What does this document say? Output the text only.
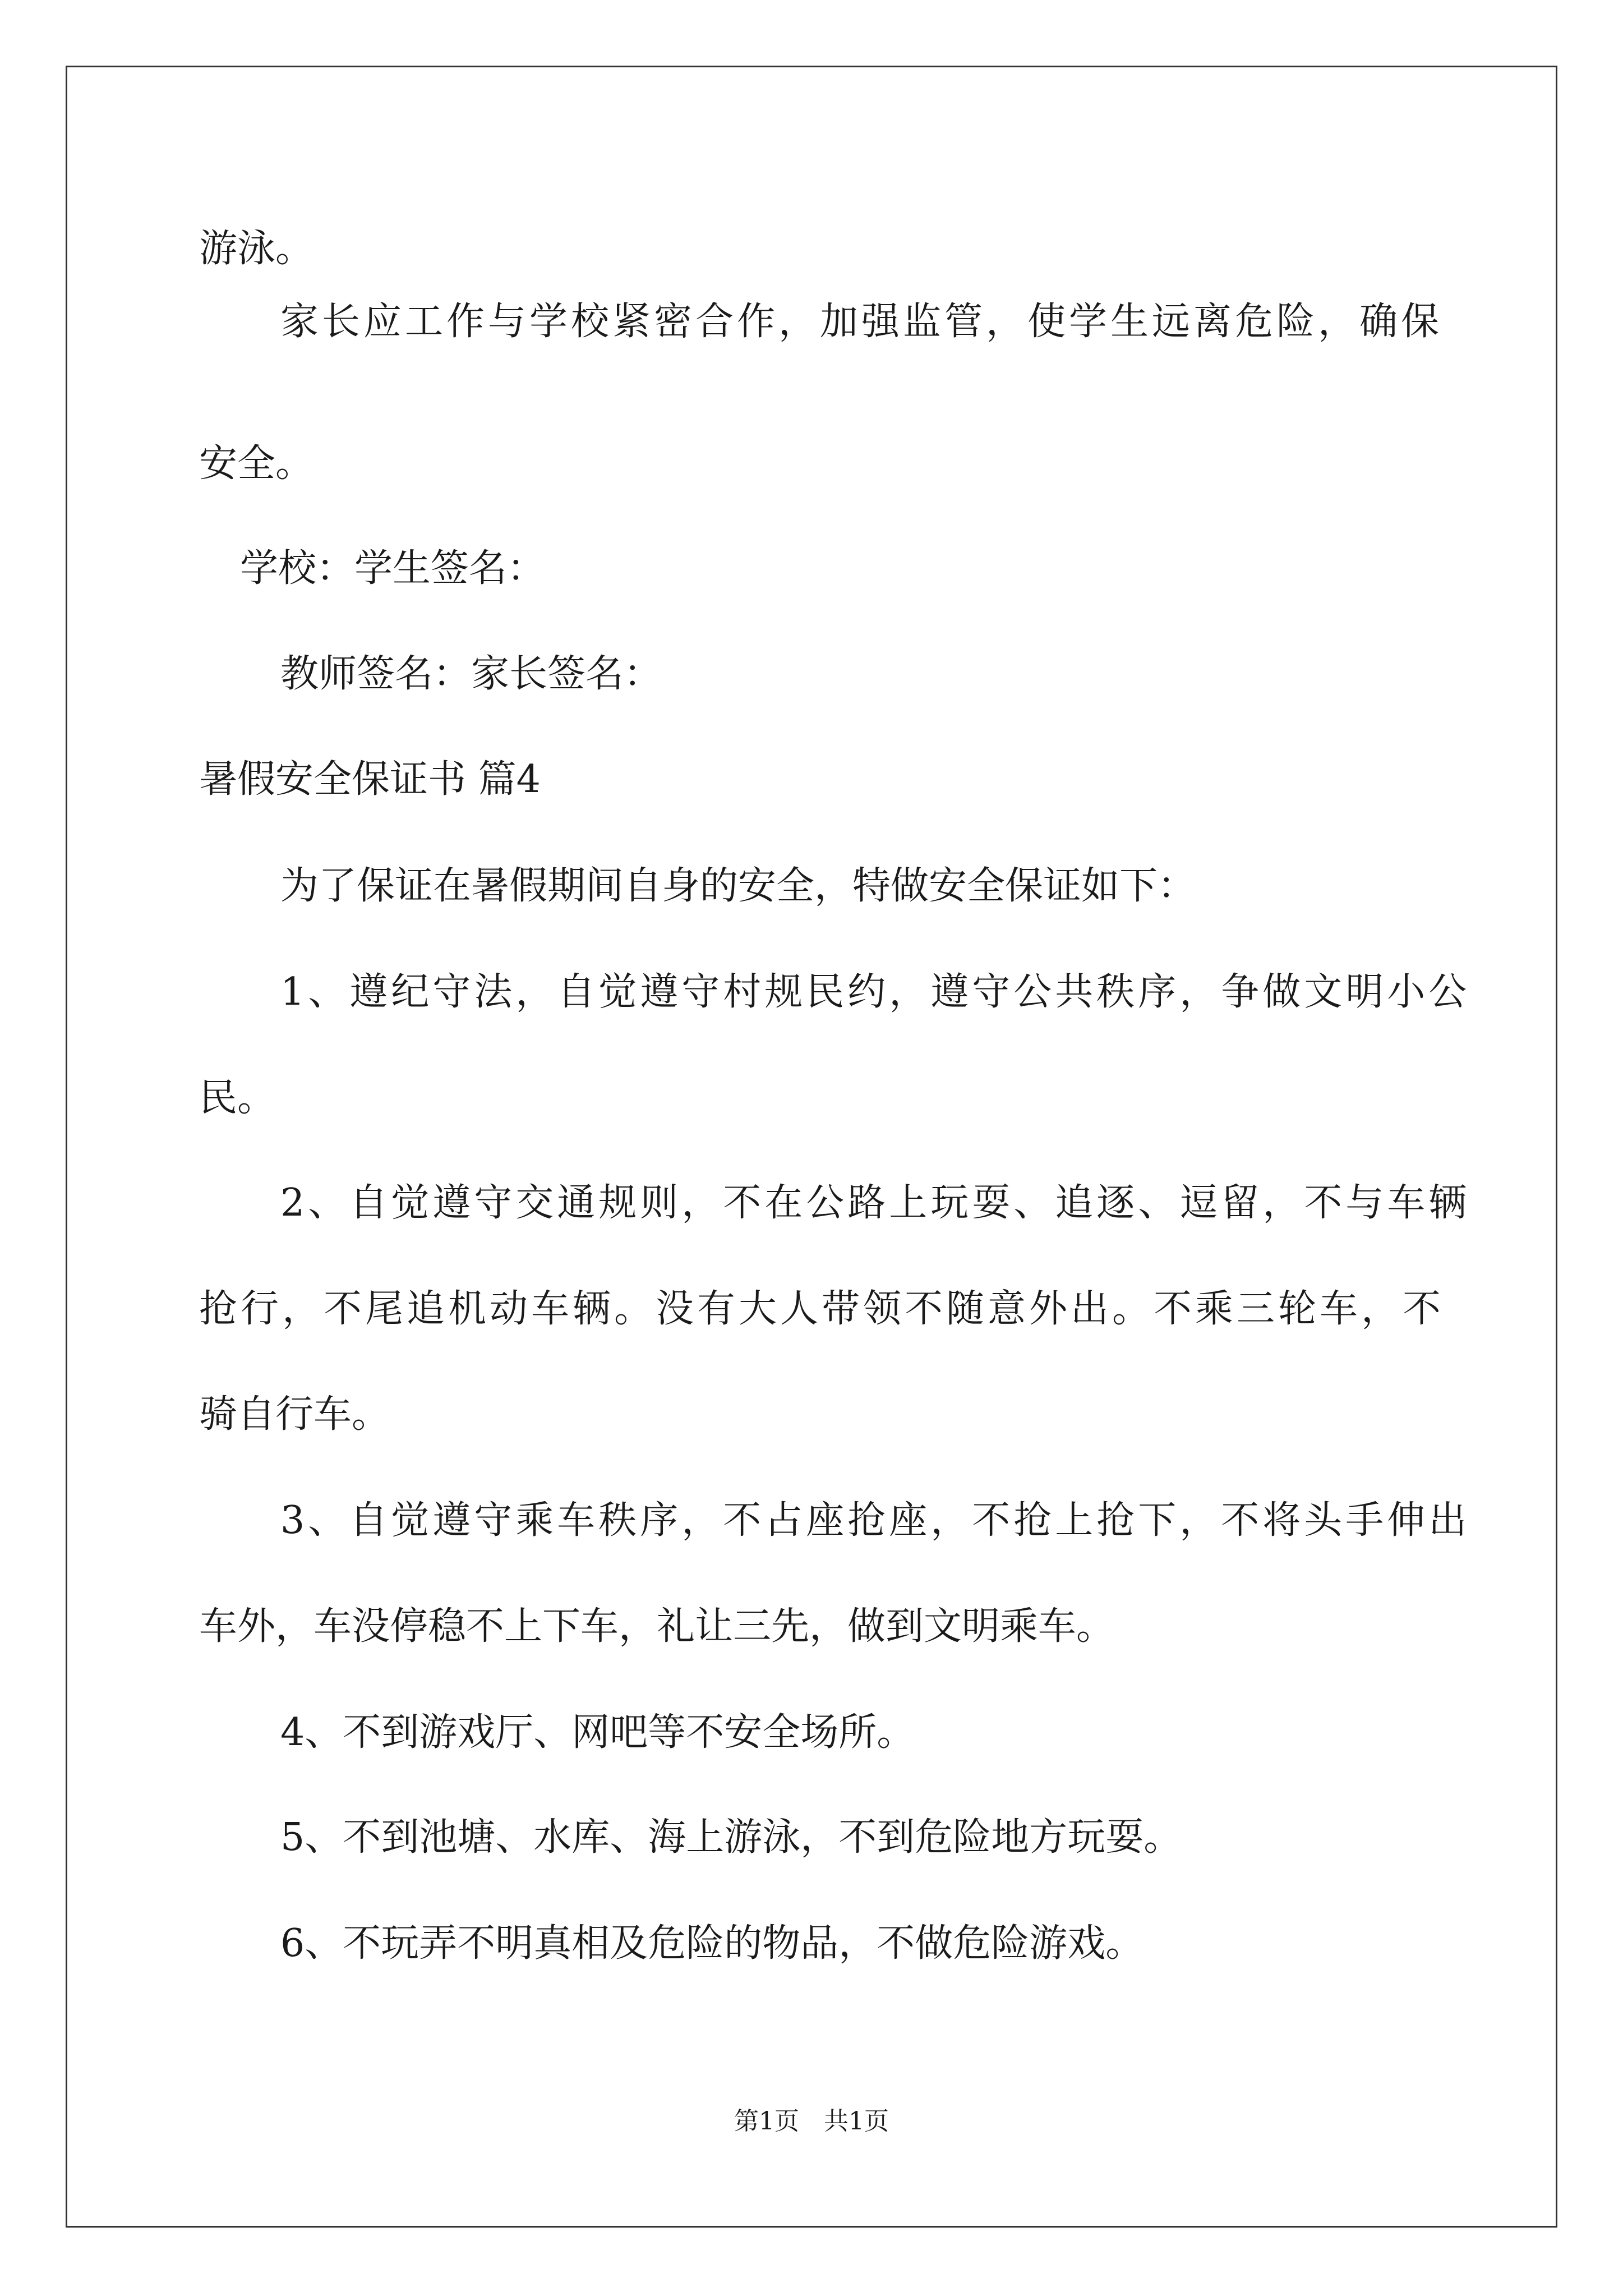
游泳。
家长应工作与学校紧密合作，加强监管，使学生远离危险，确保
安全。
学校：学生签名：
教师签名：家长签名：
暑假安全保证书 篇4
为了保证在暑假期间自身的安全，特做安全保证如下：
1、遵纪守法，自觉遵守村规民约，遵守公共秩序，争做文明小公
民。
2、自觉遵守交通规则，不在公路上玩耍、追逐、逗留，不与车辆
抢行，不尾追机动车辆。没有大人带领不随意外出。不乘三轮车，不
骑自行车。
3、自觉遵守乘车秩序，不占座抢座，不抢上抢下，不将头手伸出
车外，车没停稳不上下车，礼让三先，做到文明乘车。
4、不到游戏厅、网吧等不安全场所。
5、不到池塘、水库、海上游泳，不到危险地方玩耍。
6、不玩弄不明真相及危险的物品，不做危险游戏。
第1页 共1页
